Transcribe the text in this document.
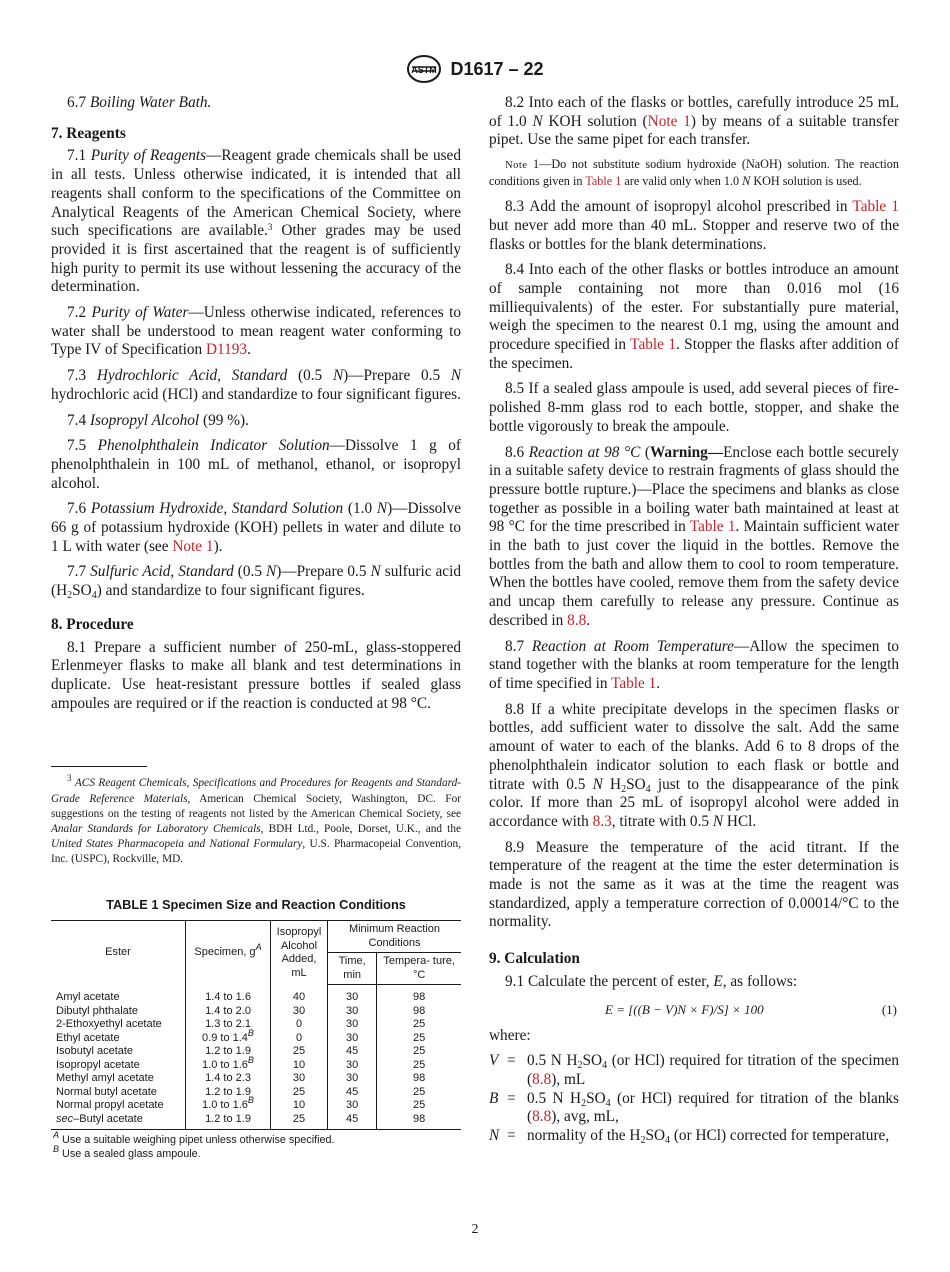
ASTM D1617 – 22

6.7 Boiling Water Bath.

7. Reagents

7.1 Purity of Reagents—Reagent grade chemicals shall be used in all tests. Unless otherwise indicated, it is intended that all reagents shall conform to the specifications of the Committee on Analytical Reagents of the American Chemical Society, where such specifications are available.$^3$ Other grades may be used provided it is first ascertained that the reagent is of sufficiently high purity to permit its use without lessening the accuracy of the determination.

7.2 Purity of Water—Unless otherwise indicated, references to water shall be understood to mean reagent water conforming to Type IV of Specification D1193.

7.3 Hydrochloric Acid, Standard (0.5 N)—Prepare 0.5 N hydrochloric acid (HCl) and standardize to four significant figures.

7.4 Isopropyl Alcohol (99 %).

7.5 Phenolphthalein Indicator Solution—Dissolve 1 g of phenolphthalein in 100 mL of methanol, ethanol, or isopropyl alcohol.

7.6 Potassium Hydroxide, Standard Solution (1.0 N)—Dissolve 66 g of potassium hydroxide (KOH) pellets in water and dilute to 1 L with water (see Note 1).

7.7 Sulfuric Acid, Standard (0.5 N)—Prepare 0.5 N sulfuric acid $(H_2SO_4)$ and standardize to four significant figures.

8. Procedure

8.1 Prepare a sufficient number of 250-mL, glass-stoppered Erlenmeyer flasks to make all blank and test determinations in duplicate. Use heat-resistant pressure bottles if sealed glass ampoules are required or if the reaction is conducted at 98 °C.

$^3$ ACS Reagent Chemicals, Specifications and Procedures for Reagents and Standard-Grade Reference Materials, American Chemical Society, Washington, DC. For suggestions on the testing of reagents not listed by the American Chemical Society, see Analar Standards for Laboratory Chemicals, BDH Ltd., Poole, Dorset, U.K., and the United States Pharmacopeia and National Formulary, U.S. Pharmacopeial Convention, Inc. (USPC), Rockville, MD.

TABLE 1 Specimen Size and Reaction Conditions
Ester	Specimen, $g^A$	Isopropyl Alcohol Added, mL	Minimum Reaction Conditions	
			Time, min	Tempera- ture, °C
Amyl acetate	1.4 to 1.6	40	30	98
Dibutyl phthalate	1.4 to 2.0	30	30	98
2-Ethoxyethyl acetate	1.3 to 2.1	0	30	25
Ethyl acetate	0.9 to $1.4^B$	0	30	25
Isobutyl acetate	1.2 to 1.9	25	45	25
Isopropyl acetate	1.0 to $1.6^B$	10	30	25
Methyl amyl acetate	1.4 to 2.3	30	30	98
Normal butyl acetate	1.2 to 1.9	25	45	25
Normal propyl acetate	1.0 to $1.6^B$	10	30	25
sec–Butyl acetate	1.2 to 1.9	25	45	98
$^A$ Use a suitable weighing pipet unless otherwise specified.
$^B$ Use a sealed glass ampoule.

8.2 Into each of the flasks or bottles, carefully introduce 25 mL of 1.0 N KOH solution (Note 1) by means of a suitable transfer pipet. Use the same pipet for each transfer.

Note 1—Do not substitute sodium hydroxide (NaOH) solution. The reaction conditions given in Table 1 are valid only when 1.0 N KOH solution is used.

8.3 Add the amount of isopropyl alcohol prescribed in Table 1 but never add more than 40 mL. Stopper and reserve two of the flasks or bottles for the blank determinations.

8.4 Into each of the other flasks or bottles introduce an amount of sample containing not more than 0.016 mol (16 milliequivalents) of the ester. For substantially pure material, weigh the specimen to the nearest 0.1 mg, using the amount and procedure specified in Table 1. Stopper the flasks after addition of the specimen.

8.5 If a sealed glass ampoule is used, add several pieces of fire-polished 8-mm glass rod to each bottle, stopper, and shake the bottle vigorously to break the ampoule.

8.6 Reaction at 98 °C (Warning—Enclose each bottle securely in a suitable safety device to restrain fragments of glass should the pressure bottle rupture.)—Place the specimens and blanks as close together as possible in a boiling water bath maintained at least at 98 °C for the time prescribed in Table 1. Maintain sufficient water in the bath to just cover the liquid in the bottles. Remove the bottles from the bath and allow them to cool to room temperature. When the bottles have cooled, remove them from the safety device and uncap them carefully to release any pressure. Continue as described in 8.8.

8.7 Reaction at Room Temperature—Allow the specimen to stand together with the blanks at room temperature for the length of time specified in Table 1.

8.8 If a white precipitate develops in the specimen flasks or bottles, add sufficient water to dissolve the salt. Add the same amount of water to each of the blanks. Add 6 to 8 drops of the phenolphthalein indicator solution to each flask or bottle and titrate with 0.5 N $H_2SO_4$ just to the disappearance of the pink color. If more than 25 mL of isopropyl alcohol were added in accordance with 8.3, titrate with 0.5 N HCl.

8.9 Measure the temperature of the acid titrant. If the temperature of the reagent at the time the ester determination is made is not the same as it was at the time the reagent was standardized, apply a temperature correction of 0.00014/°C to the normality.

9. Calculation

9.1 Calculate the percent of ester, E, as follows:

E = [((B − V)N × F)/S] × 100	(1)

where:

V = 0.5 N $H_2SO_4$ (or HCl) required for titration of the specimen (8.8), mL
B = 0.5 N $H_2SO_4$ (or HCl) required for titration of the blanks (8.8), avg, mL,
N = normality of the $H_2SO_4$ (or HCl) corrected for temperature,
2
